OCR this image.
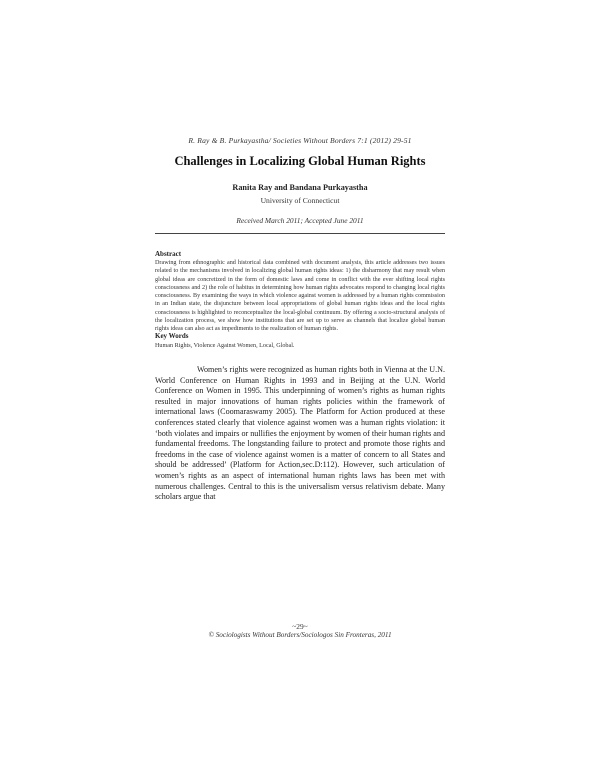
R. Ray & B. Purkayastha/ Societies Without Borders 7:1 (2012) 29-51
Challenges in Localizing Global Human Rights
Ranita Ray and Bandana Purkayastha
University of Connecticut
Received March 2011; Accepted June 2011
Abstract
Drawing from ethnographic and historical data combined with document analysis, this article addresses two issues related to the mechanisms involved in localizing global human rights ideas: 1) the disharmony that may result when global ideas are concretized in the form of domestic laws and come in conflict with the ever shifting local rights consciousness and 2) the role of habitus in determining how human rights advocates respond to changing local rights consciousness. By examining the ways in which violence against women is addressed by a human rights commission in an Indian state, the disjuncture between local appropriations of global human rights ideas and the local rights consciousness is highlighted to reconceptualize the local-global continuum. By offering a socio-structural analysis of the localization process, we show how institutions that are set up to serve as channels that localize global human rights ideas can also act as impediments to the realization of human rights.
Key Words
Human Rights, Violence Against Women, Local, Global.
Women’s rights were recognized as human rights both in Vienna at the U.N. World Conference on Human Rights in 1993 and in Beijing at the U.N. World Conference on Women in 1995. This underpinning of women’s rights as human rights resulted in major innovations of human rights policies within the framework of international laws (Coomaraswamy 2005). The Platform for Action produced at these conferences stated clearly that violence against women was a human rights violation: it ‘both violates and impairs or nullifies the enjoyment by women of their human rights and fundamental freedoms. The longstanding failure to protect and promote those rights and freedoms in the case of violence against women is a matter of concern to all States and should be addressed’ (Platform for Action,sec.D:112). However, such articulation of women’s rights as an aspect of international human rights laws has been met with numerous challenges. Central to this is the universalism versus relativism debate. Many scholars argue that
~29~
© Sociologists Without Borders/Sociologos Sin Fronteras, 2011
